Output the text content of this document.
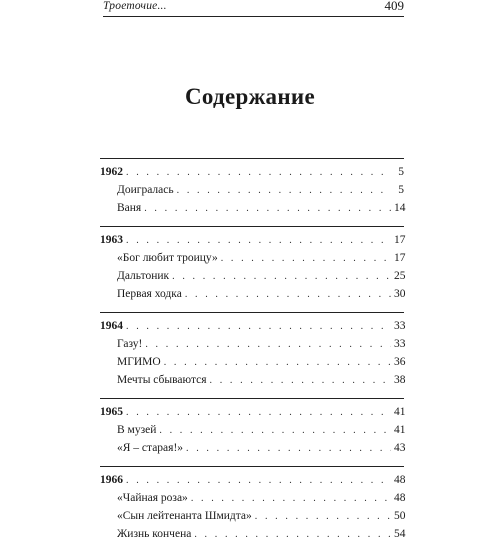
Троеточие...	409
Содержание
1962 . . .	5
Доигралась . . .	5
Ваня . . .	14
1963 . . .	17
«Бог любит троицу» . . .	17
Дальтоник . . .	25
Первая ходка . . .	30
1964 . . .	33
Газу! . . .	33
МГИМО . . .	36
Мечты сбываются . . .	38
1965 . . .	41
В музей . . .	41
«Я – старая!» . . .	43
1966 . . .	48
«Чайная роза» . . .	48
«Сын лейтенанта Шмидта» . . .	50
Жизнь кончена . . .	54
